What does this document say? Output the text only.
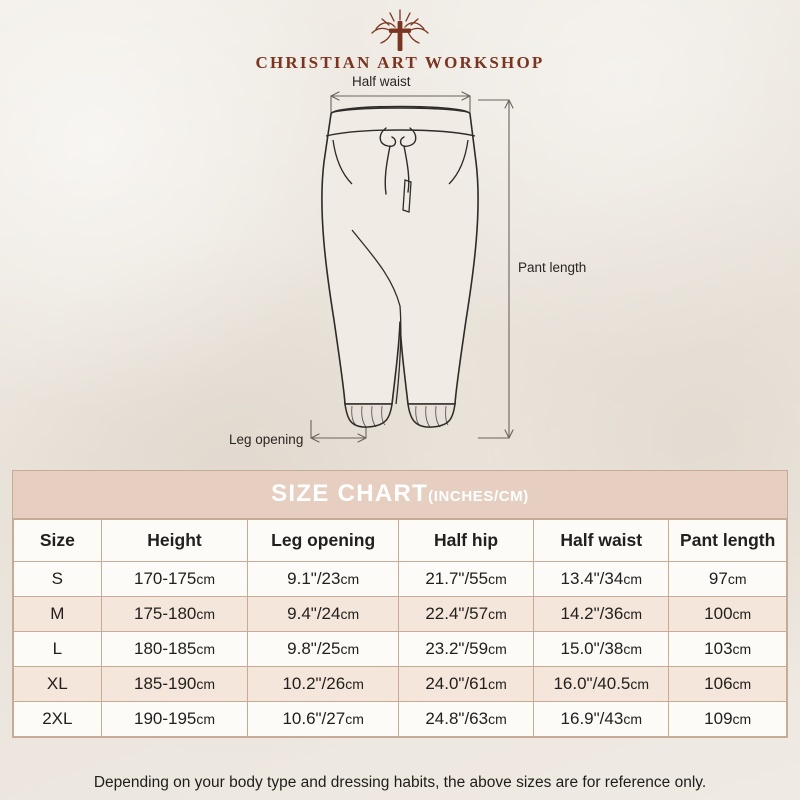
CHRISTIAN ART WORKSHOP
Half waist
Pant length
Leg opening
SIZE CHART(INCHES/CM)
Size	Height	Leg opening	Half hip	Half waist	Pant length
S	170-175cm	9.1"/23cm	21.7"/55cm	13.4"/34cm	97cm
M	175-180cm	9.4"/24cm	22.4"/57cm	14.2"/36cm	100cm
L	180-185cm	9.8"/25cm	23.2"/59cm	15.0"/38cm	103cm
XL	185-190cm	10.2"/26cm	24.0"/61cm	16.0"/40.5cm	106cm
2XL	190-195cm	10.6"/27cm	24.8"/63cm	16.9"/43cm	109cm
Depending on your body type and dressing habits, the above sizes are for reference only.
